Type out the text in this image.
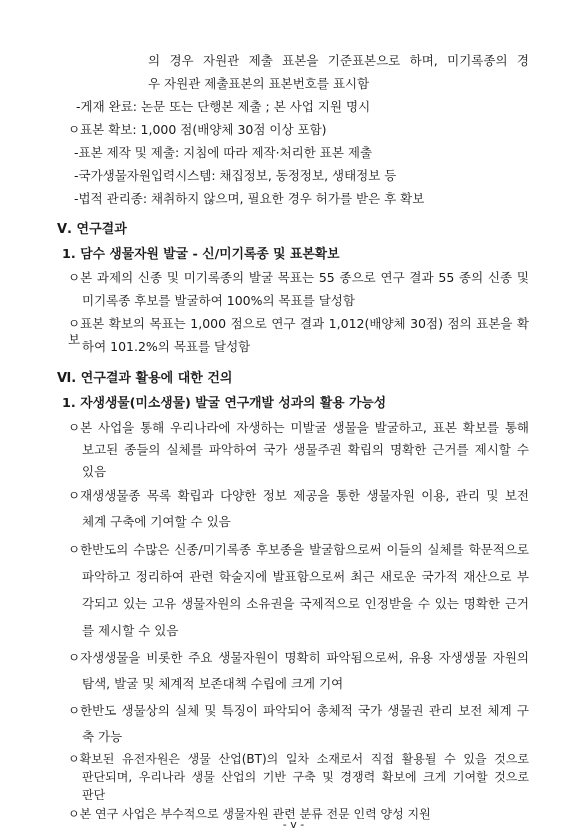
의 경우 자원관 제출 표본을 기준표본으로 하며, 미기록종의 경
우 자원관 제출표본의 표본번호를 표시함
-게재 완료: 논문 또는 단행본 제출 ; 본 사업 지원 명시
ㅇ표본 확보: 1,000 점(배양체 30점 이상 포함)
-표본 제작 및 제출: 지침에 따라 제작·처리한 표본 제출
-국가생물자원입력시스템: 채집정보, 동정정보, 생태정보 등
-법적 관리종: 채취하지 않으며, 필요한 경우 허가를 받은 후 확보
Ⅴ. 연구결과
1. 담수 생물자원 발굴 - 신/미기록종 및 표본확보
ㅇ본 과제의 신종 및 미기록종의 발굴 목표는 55 종으로 연구 결과 55 종의 신종 및
미기록종 후보를 발굴하여 100%의 목표를 달성함
ㅇ표본 확보의 목표는 1,000 점으로 연구 결과 1,012(배양체 30점) 점의 표본을 확보 하여 101.2%의 목표를 달성함
Ⅵ. 연구결과 활용에 대한 건의
1. 자생생물(미소생물) 발굴 연구개발 성과의 활용 가능성
ㅇ본 사업을 통해 우리나라에 자생하는 미발굴 생물을 발굴하고, 표본 확보를 통해
보고된 종들의 실체를 파악하여 국가 생물주권 확립의 명확한 근거를 제시할 수
있음
ㅇ재생생물종 목록 확립과 다양한 정보 제공을 통한 생물자원 이용, 관리 및 보전
체계 구축에 기여할 수 있음
ㅇ한반도의 수많은 신종/미기록종 후보종을 발굴함으로써 이들의 실체를 학문적으로
파악하고 정리하여 관련 학술지에 발표함으로써 최근 새로운 국가적 재산으로 부
각되고 있는 고유 생물자원의 소유권을 국제적으로 인정받을 수 있는 명확한 근거
를 제시할 수 있음
ㅇ자생생물을 비롯한 주요 생물자원이 명확히 파악됨으로써, 유용 자생생물 자원의
탐색, 발굴 및 체계적 보존대책 수립에 크게 기여
ㅇ한반도 생물상의 실체 및 특징이 파악되어 총체적 국가 생물권 관리 보전 체계 구
축 가능
ㅇ확보된 유전자원은 생물 산업(BT)의 일차 소재로서 직접 활용될 수 있을 것으로
판단되며, 우리나라 생물 산업의 기반 구축 및 경쟁력 확보에 크게 기여할 것으로
판단
ㅇ본 연구 사업은 부수적으로 생물자원 관련 분류 전문 인력 양성 지원
- v -
